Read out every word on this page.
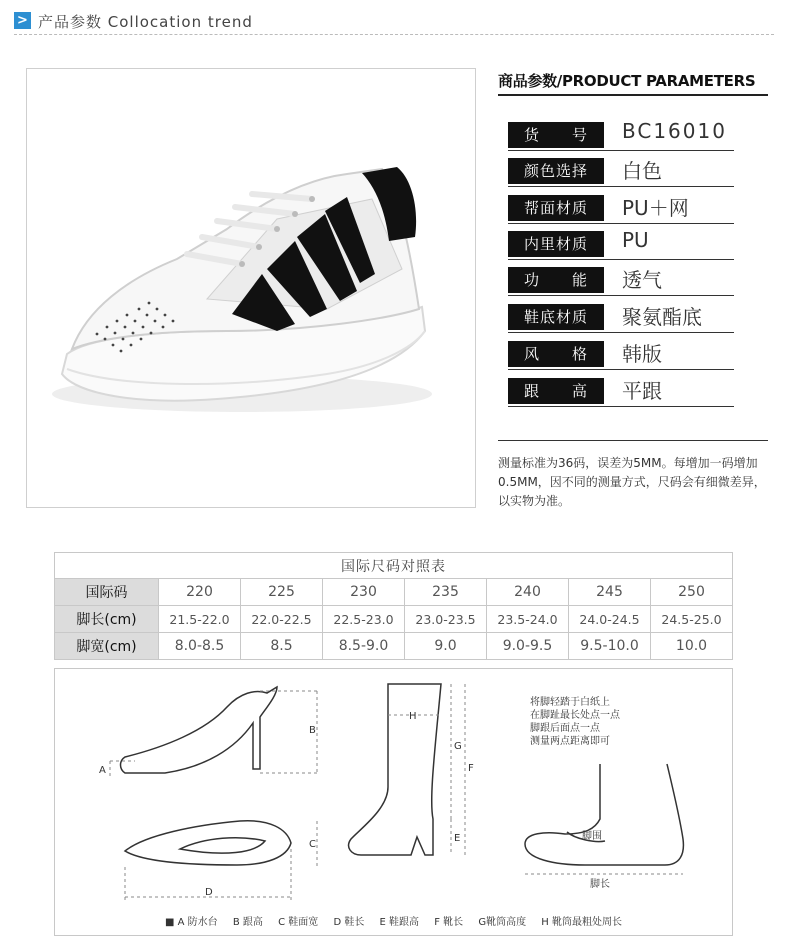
> 产品参数 Collocation trend
商品参数/PRODUCT PARAMETERS
货　　号	BC16010
颜色选择	白色
帮面材质	PU＋网
内里材质	PU
功　　能	透气
鞋底材质	聚氨酯底
风　　格	韩版
跟　　高	平跟
测量标准为36码，误差为5MM。每增加一码增加0.5MM，因不同的测量方式，尺码会有细微差异，以实物为准。
国际尺码对照表							
国际码	220	225	230	235	240	245	250
脚长(cm)	21.5-22.0	22.0-22.5	22.5-23.0	23.0-23.5	23.5-24.0	24.0-24.5	24.5-25.0
脚宽(cm)	8.0-8.5	8.5	8.5-9.0	9.0	9.0-9.5	9.5-10.0	10.0
A
B
C
D
E
F
G
H
将脚轻踏于白纸上
在脚趾最长处点一点
脚跟后面点一点
测量两点距离即可
脚围
脚长
■ A 防水台 B 跟高 C 鞋面宽 D 鞋长 E 鞋跟高 F 靴长 G靴筒高度 H 靴筒最粗处周长
